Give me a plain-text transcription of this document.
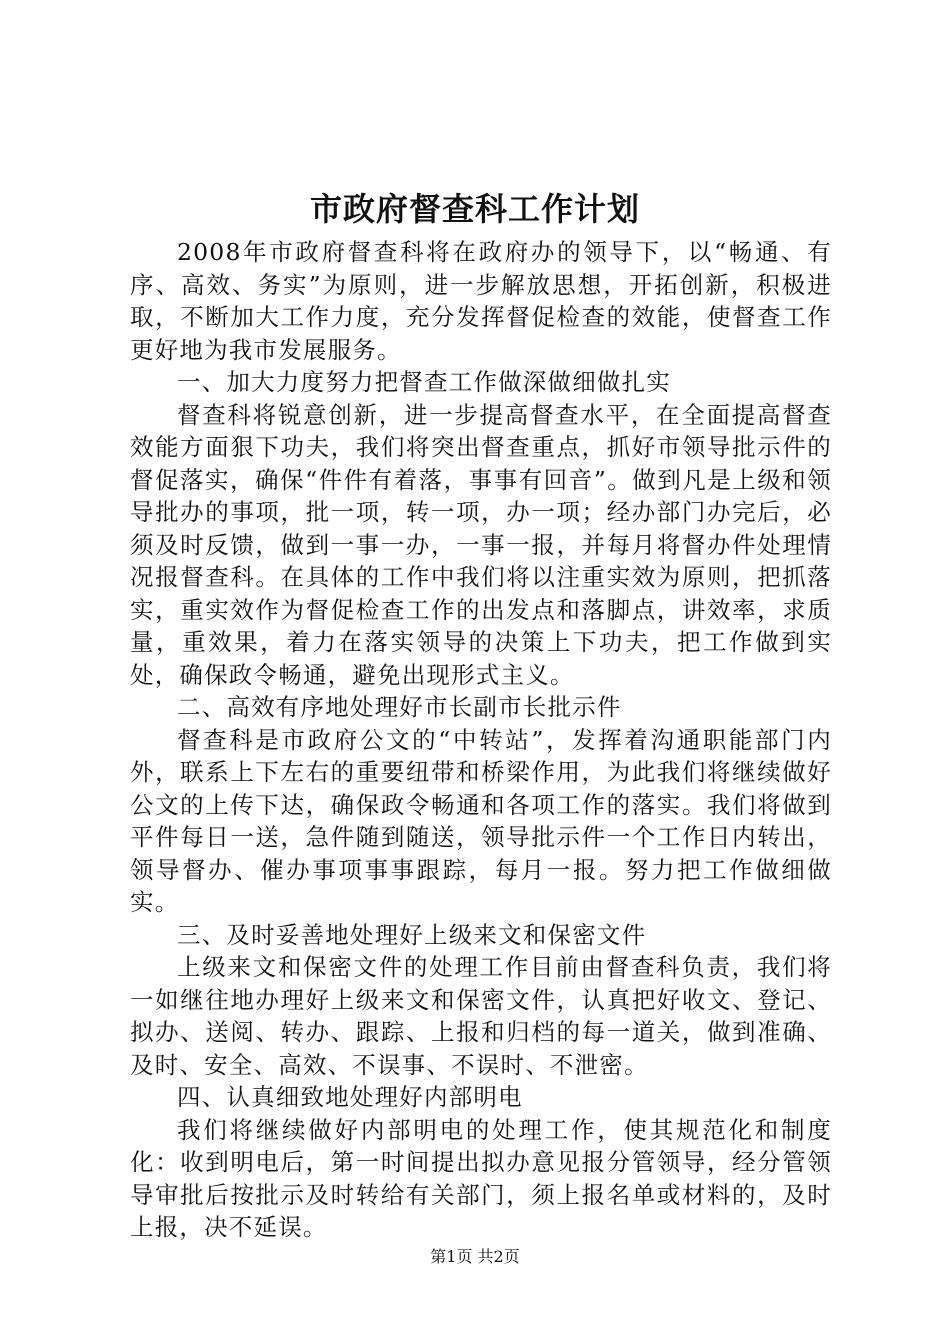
市政府督查科工作计划

2008年市政府督查科将在政府办的领导下，以“畅通、有序、高效、务实”为原则，进一步解放思想，开拓创新，积极进取，不断加大工作力度，充分发挥督促检查的效能，使督查工作更好地为我市发展服务。

一、加大力度努力把督查工作做深做细做扎实

督查科将锐意创新，进一步提高督查水平，在全面提高督查效能方面狠下功夫，我们将突出督查重点，抓好市领导批示件的督促落实，确保“件件有着落，事事有回音”。做到凡是上级和领导批办的事项，批一项，转一项，办一项；经办部门办完后，必须及时反馈，做到一事一办，一事一报，并每月将督办件处理情况报督查科。在具体的工作中我们将以注重实效为原则，把抓落实，重实效作为督促检查工作的出发点和落脚点，讲效率，求质量，重效果，着力在落实领导的决策上下功夫，把工作做到实处，确保政令畅通，避免出现形式主义。

二、高效有序地处理好市长副市长批示件

督查科是市政府公文的“中转站”，发挥着沟通职能部门内外，联系上下左右的重要纽带和桥梁作用，为此我们将继续做好公文的上传下达，确保政令畅通和各项工作的落实。我们将做到平件每日一送，急件随到随送，领导批示件一个工作日内转出，领导督办、催办事项事事跟踪，每月一报。努力把工作做细做实。

三、及时妥善地处理好上级来文和保密文件

上级来文和保密文件的处理工作目前由督查科负责，我们将一如继往地办理好上级来文和保密文件，认真把好收文、登记、拟办、送阅、转办、跟踪、上报和归档的每一道关，做到准确、及时、安全、高效、不误事、不误时、不泄密。

四、认真细致地处理好内部明电

我们将继续做好内部明电的处理工作，使其规范化和制度化：收到明电后，第一时间提出拟办意见报分管领导，经分管领导审批后按批示及时转给有关部门，须上报名单或材料的，及时上报，决不延误。

第1页 共2页
